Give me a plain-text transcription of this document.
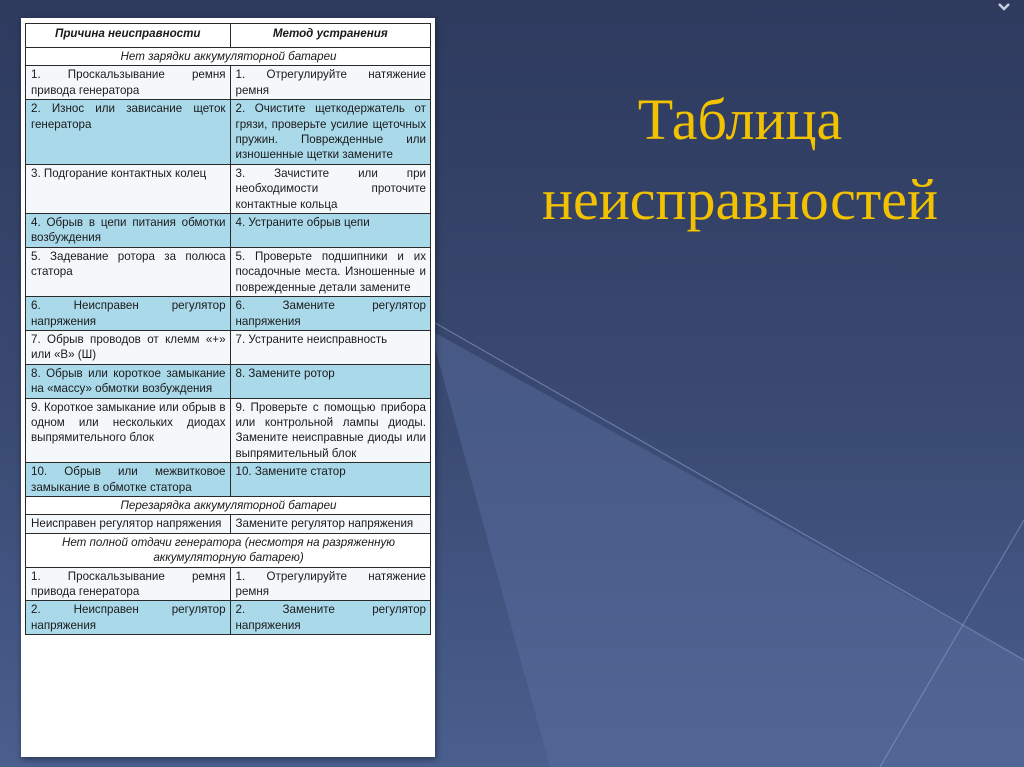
Причина неисправности	Метод устранения
Нет зарядки аккумуляторной батареи	
1. Проскальзывание ремня привода генератора	1. Отрегулируйте натяжение ремня
2. Износ или зависание щеток генератора	2. Очистите щеткодержатель от грязи, проверьте усилие щеточных пружин. Поврежденные или изношенные щетки замените
3. Подгорание контактных колец	3. Зачистите или при необходимости проточите контактные кольца
4. Обрыв в цепи питания обмотки возбуждения	4. Устраните обрыв цепи
5. Задевание ротора за полюса статора	5. Проверьте подшипники и их посадочные места. Изношенные и поврежденные детали замените
6. Неисправен регулятор напряжения	6. Замените регулятор напряжения
7. Обрыв проводов от клемм «+» или «В» (Ш)	7. Устраните неисправность
8. Обрыв или короткое замыкание на «массу» обмотки возбуждения	8. Замените ротор
9. Короткое замыкание или обрыв в одном или нескольких диодах выпрямительного блок	9. Проверьте с помощью прибора или контрольной лампы диоды. Замените неисправные диоды или выпрямительный блок
10. Обрыв или межвитковое замыкание в обмотке статора	10. Замените статор
Перезарядка аккумуляторной батареи	
Неисправен регулятор напряжения	Замените регулятор напряжения
Нет полной отдачи генератора (несмотря на разряженную аккумуляторную батарею)	
1. Проскальзывание ремня привода генератора	1. Отрегулируйте натяжение ремня
2. Неисправен регулятор напряжения	2. Замените регулятор напряжения
Таблица
неисправностей
